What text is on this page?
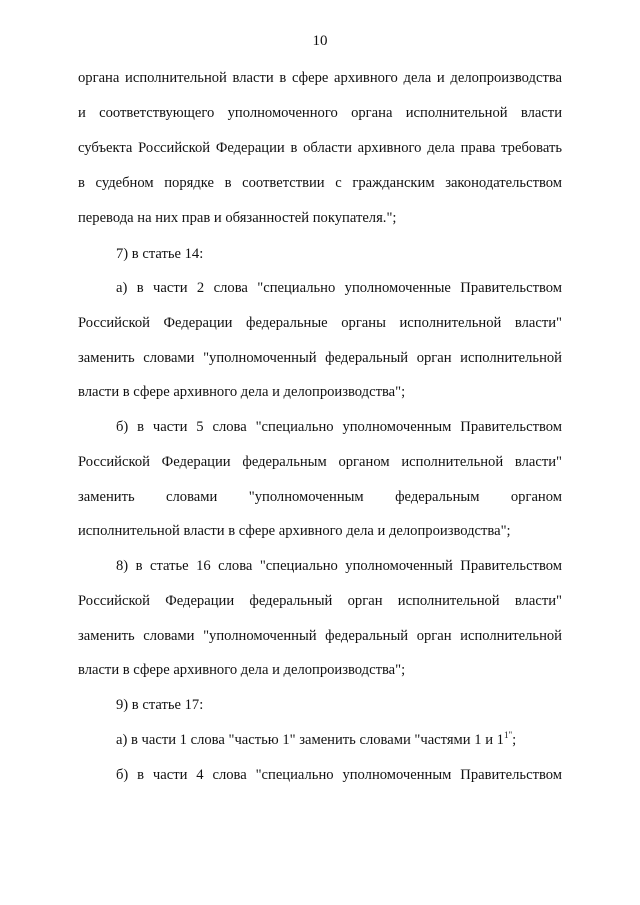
10
органа исполнительной власти в сфере архивного дела и делопроизводства
и соответствующего уполномоченного органа исполнительной власти
субъекта Российской Федерации в области архивного дела права требовать
в судебном порядке в соответствии с гражданским законодательством
перевода на них прав и обязанностей покупателя.";
7) в статье 14:
а) в части 2 слова "специально уполномоченные Правительством
Российской Федерации федеральные органы исполнительной власти"
заменить словами "уполномоченный федеральный орган исполнительной
власти в сфере архивного дела и делопроизводства";
б) в части 5 слова "специально уполномоченным Правительством
Российской Федерации федеральным органом исполнительной власти"
заменить словами "уполномоченным федеральным органом
исполнительной власти в сфере архивного дела и делопроизводства";
8) в статье 16 слова "специально уполномоченный Правительством
Российской Федерации федеральный орган исполнительной власти"
заменить словами "уполномоченный федеральный орган исполнительной
власти в сфере архивного дела и делопроизводства";
9) в статье 17:
а) в части 1 слова "частью 1" заменить словами "частями 1 и $1^{1"}$;
б) в части 4 слова "специально уполномоченным Правительством
